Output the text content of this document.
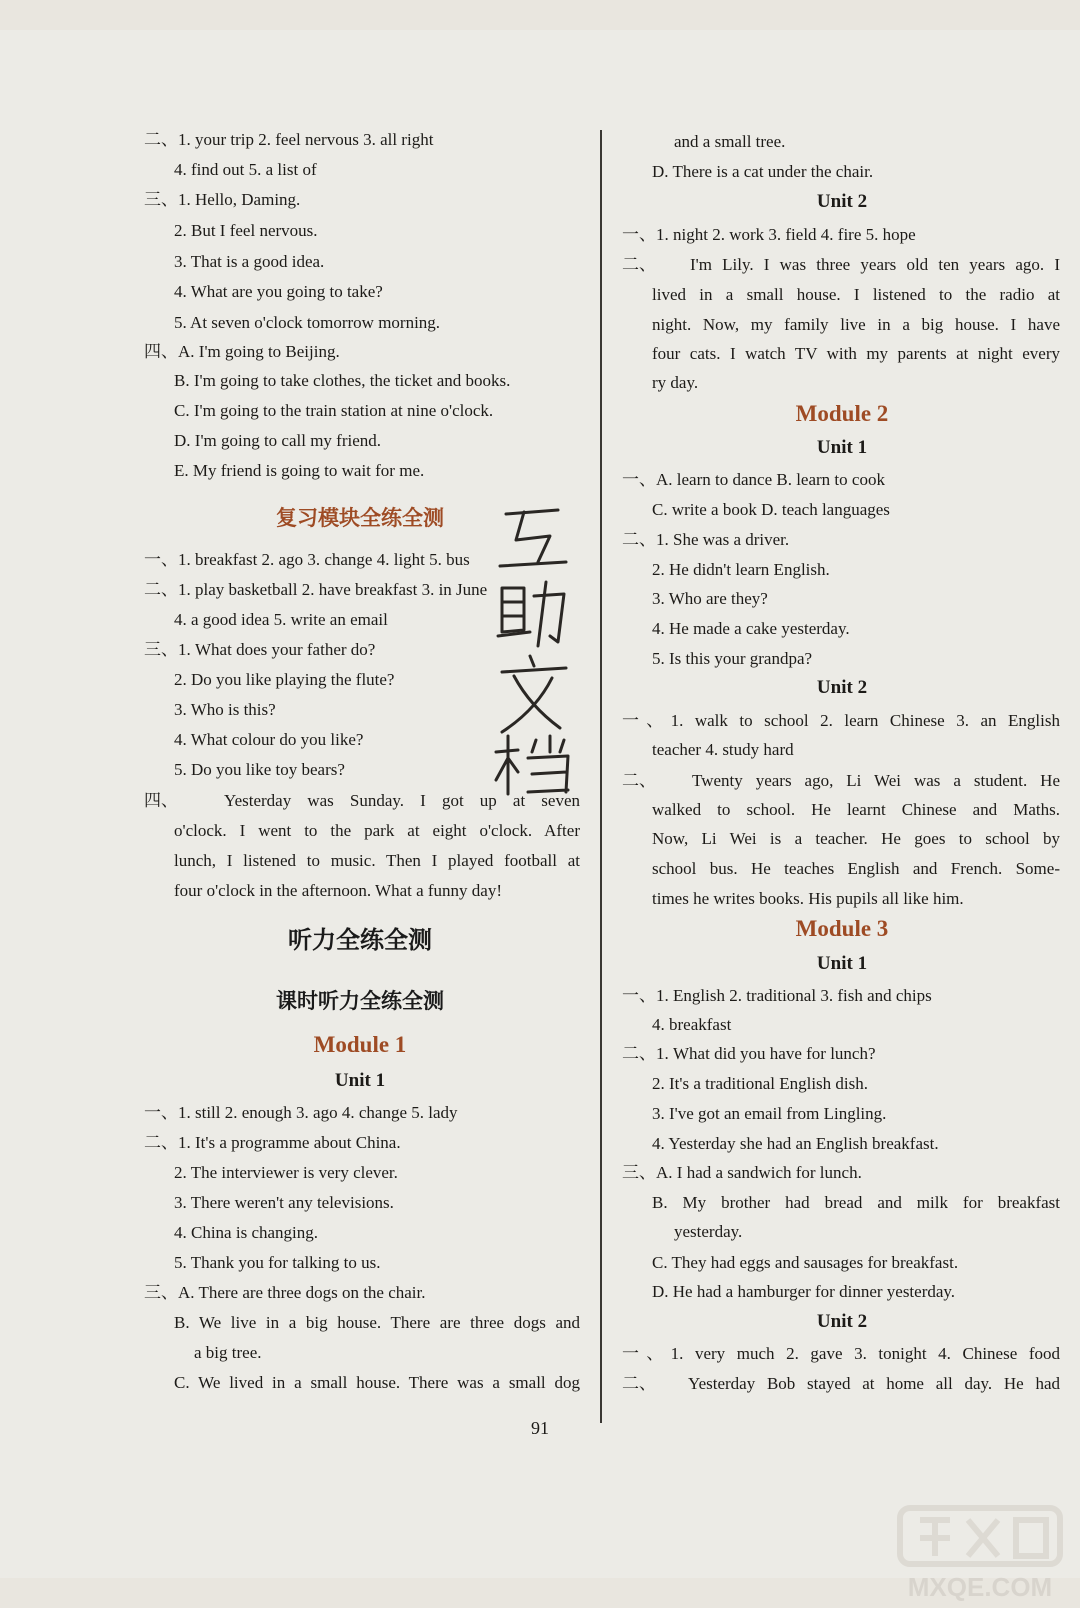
二、1. your trip 2. feel nervous 3. all right
4. find out 5. a list of
三、1. Hello, Daming.
2. But I feel nervous.
3. That is a good idea.
4. What are you going to take?
5. At seven o'clock tomorrow morning.
四、A. I'm going to Beijing.
B. I'm going to take clothes, the ticket and books.
C. I'm going to the train station at nine o'clock.
D. I'm going to call my friend.
E. My friend is going to wait for me.
复习模块全练全测
一、1. breakfast 2. ago 3. change 4. light 5. bus
二、1. play basketball 2. have breakfast 3. in June
4. a good idea 5. write an email
三、1. What does your father do?
2. Do you like playing the flute?
3. Who is this?
4. What colour do you like?
5. Do you like toy bears?
四、	Yesterday was Sunday. I got up at seven
o'clock. I went to the park at eight o'clock. After
lunch, I listened to music. Then I played football at
four o'clock in the afternoon. What a funny day!
听力全练全测
课时听力全练全测
Module 1
Unit 1
一、1. still 2. enough 3. ago 4. change 5. lady
二、1. It's a programme about China.
2. The interviewer is very clever.
3. There weren't any televisions.
4. China is changing.
5. Thank you for talking to us.
三、A. There are three dogs on the chair.
B. We live in a big house. There are three dogs and
a big tree.
C. We lived in a small house. There was a small dog
and a small tree.
D. There is a cat under the chair.
Unit 2
一、1. night 2. work 3. field 4. fire 5. hope
二、 I'm Lily. I was three years old ten years ago. I
lived in a small house. I listened to the radio at
night. Now, my family live in a big house. I have
four cats. I watch TV with my parents at night every
ry day.
Module 2
Unit 1
一、A. learn to dance B. learn to cook
C. write a book D. teach languages
二、1. She was a driver.
2. He didn't learn English.
3. Who are they?
4. He made a cake yesterday.
5. Is this your grandpa?
Unit 2
一、1. walk to school 2. learn Chinese 3. an English
teacher 4. study hard
二、 Twenty years ago, Li Wei was a student. He
walked to school. He learnt Chinese and Maths.
Now, Li Wei is a teacher. He goes to school by
school bus. He teaches English and French. Some-
times he writes books. His pupils all like him.
Module 3
Unit 1
一、1. English 2. traditional 3. fish and chips
4. breakfast
二、1. What did you have for lunch?
2. It's a traditional English dish.
3. I've got an email from Lingling.
4. Yesterday she had an English breakfast.
三、A. I had a sandwich for lunch.
B. My brother had bread and milk for breakfast
yesterday.
C. They had eggs and sausages for breakfast.
D. He had a hamburger for dinner yesterday.
Unit 2
一、1. very much 2. gave 3. tonight 4. Chinese food
二、 Yesterday Bob stayed at home all day. He had
91
MXQE.COM
